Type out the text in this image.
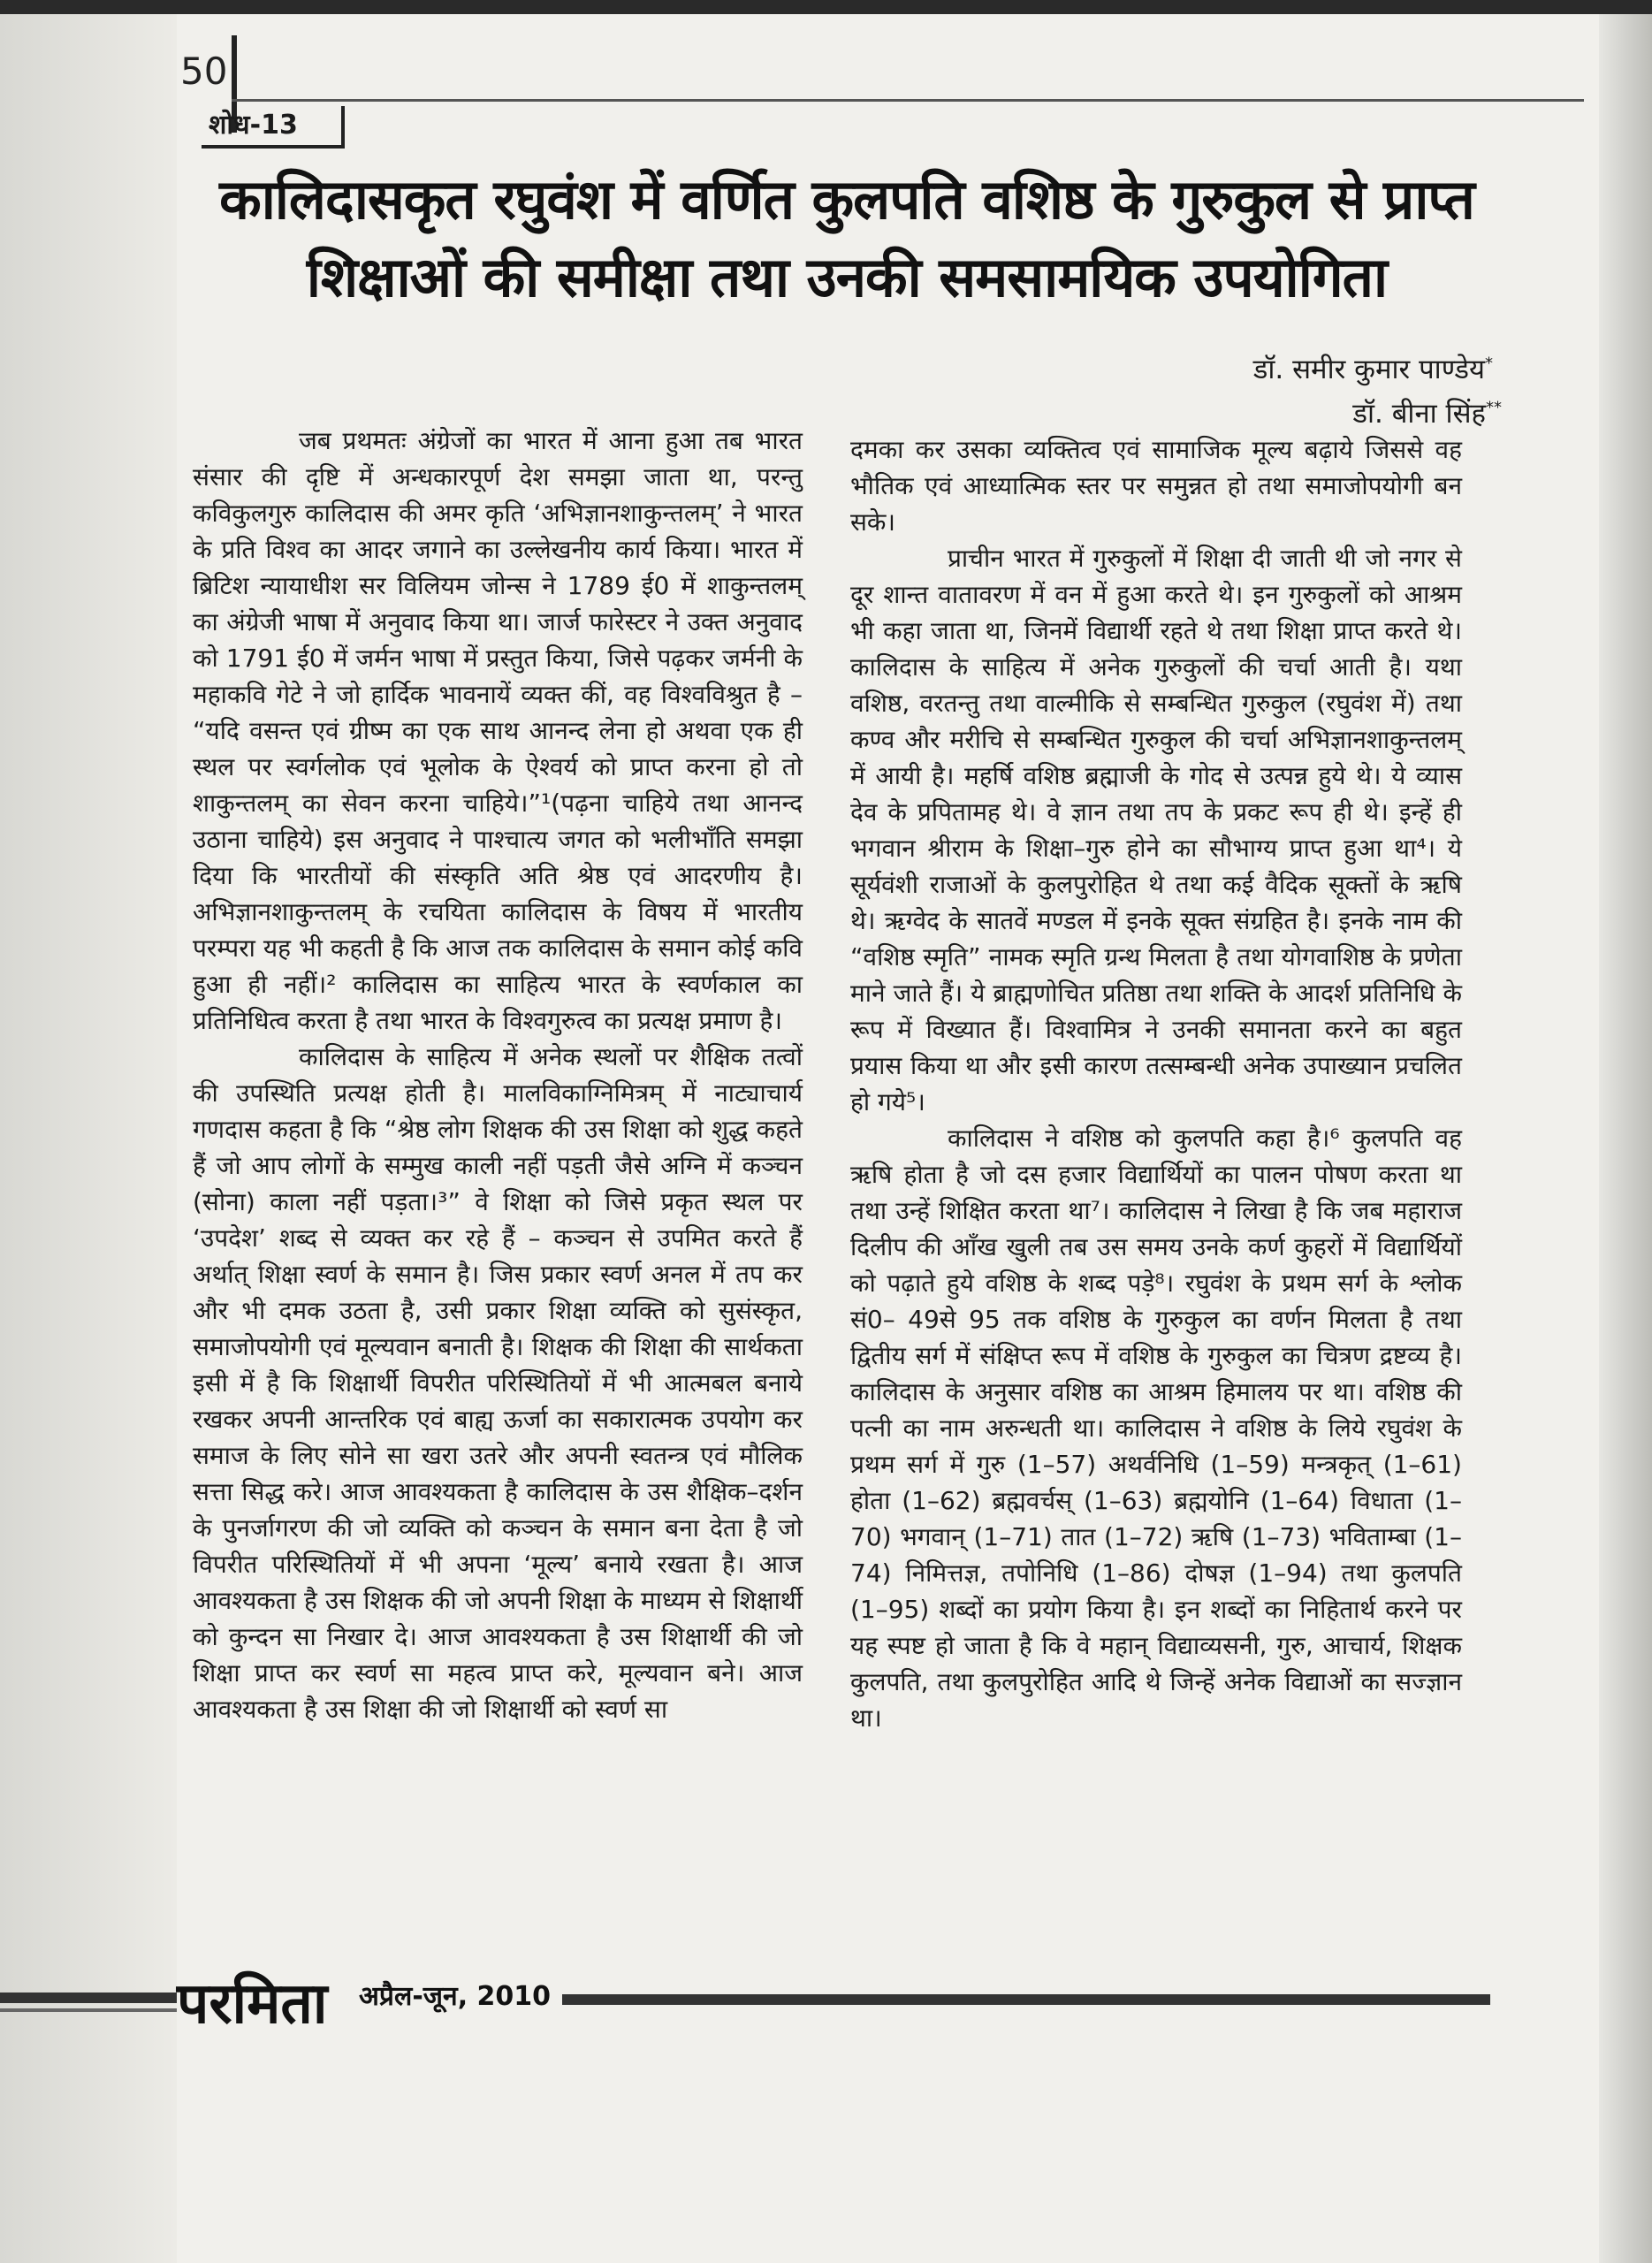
50
शोध-13
कालिदासकृत रघुवंश में वर्णित कुलपति वशिष्ठ के गुरुकुल से प्राप्त शिक्षाओं की समीक्षा तथा उनकी समसामयिक उपयोगिता
डॉ. समीर कुमार पाण्डेय*
डॉ. बीना सिंह**

जब प्रथमतः अंग्रेजों का भारत में आना हुआ तब भारत संसार की दृष्टि में अन्धकारपूर्ण देश समझा जाता था, परन्तु कविकुलगुरु कालिदास की अमर कृति ‘अभिज्ञानशाकुन्तलम्’ ने भारत के प्रति विश्व का आदर जगाने का उल्लेखनीय कार्य किया। भारत में ब्रिटिश न्यायाधीश सर विलियम जोन्स ने 1789 ई0 में शाकुन्तलम् का अंग्रेजी भाषा में अनुवाद किया था। जार्ज फारेस्टर ने उक्त अनुवाद को 1791 ई0 में जर्मन भाषा में प्रस्तुत किया, जिसे पढ़कर जर्मनी के महाकवि गेटे ने जो हार्दिक भावनायें व्यक्त कीं, वह विश्वविश्रुत है – “यदि वसन्त एवं ग्रीष्म का एक साथ आनन्द लेना हो अथवा एक ही स्थल पर स्वर्गलोक एवं भूलोक के ऐश्वर्य को प्राप्त करना हो तो शाकुन्तलम् का सेवन करना चाहिये।”¹(पढ़ना चाहिये तथा आनन्द उठाना चाहिये) इस अनुवाद ने पाश्चात्य जगत को भलीभाँति समझा दिया कि भारतीयों की संस्कृति अति श्रेष्ठ एवं आदरणीय है। अभिज्ञानशाकुन्तलम् के रचयिता कालिदास के विषय में भारतीय परम्परा यह भी कहती है कि आज तक कालिदास के समान कोई कवि हुआ ही नहीं।² कालिदास का साहित्य भारत के स्वर्णकाल का प्रतिनिधित्व करता है तथा भारत के विश्वगुरुत्व का प्रत्यक्ष प्रमाण है।

कालिदास के साहित्य में अनेक स्थलों पर शैक्षिक तत्वों की उपस्थिति प्रत्यक्ष होती है। मालविकाग्निमित्रम् में नाट्याचार्य गणदास कहता है कि “श्रेष्ठ लोग शिक्षक की उस शिक्षा को शुद्ध कहते हैं जो आप लोगों के सम्मुख काली नहीं पड़ती जैसे अग्नि में कञ्चन (सोना) काला नहीं पड़ता।³” वे शिक्षा को जिसे प्रकृत स्थल पर ‘उपदेश’ शब्द से व्यक्त कर रहे हैं – कञ्चन से उपमित करते हैं अर्थात् शिक्षा स्वर्ण के समान है। जिस प्रकार स्वर्ण अनल में तप कर और भी दमक उठता है, उसी प्रकार शिक्षा व्यक्ति को सुसंस्कृत, समाजोपयोगी एवं मूल्यवान बनाती है। शिक्षक की शिक्षा की सार्थकता इसी में है कि शिक्षार्थी विपरीत परिस्थितियों में भी आत्मबल बनाये रखकर अपनी आन्तरिक एवं बाह्य ऊर्जा का सकारात्मक उपयोग कर समाज के लिए सोने सा खरा उतरे और अपनी स्वतन्त्र एवं मौलिक सत्ता सिद्ध करे। आज आवश्यकता है कालिदास के उस शैक्षिक–दर्शन के पुनर्जागरण की जो व्यक्ति को कञ्चन के समान बना देता है जो विपरीत परिस्थितियों में भी अपना ‘मूल्य’ बनाये रखता है। आज आवश्यकता है उस शिक्षक की जो अपनी शिक्षा के माध्यम से शिक्षार्थी को कुन्दन सा निखार दे। आज आवश्यकता है उस शिक्षार्थी की जो शिक्षा प्राप्त कर स्वर्ण सा महत्व प्राप्त करे, मूल्यवान बने। आज आवश्यकता है उस शिक्षा की जो शिक्षार्थी को स्वर्ण सा

दमका कर उसका व्यक्तित्व एवं सामाजिक मूल्य बढ़ाये जिससे वह भौतिक एवं आध्यात्मिक स्तर पर समुन्नत हो तथा समाजोपयोगी बन सके।

प्राचीन भारत में गुरुकुलों में शिक्षा दी जाती थी जो नगर से दूर शान्त वातावरण में वन में हुआ करते थे। इन गुरुकुलों को आश्रम भी कहा जाता था, जिनमें विद्यार्थी रहते थे तथा शिक्षा प्राप्त करते थे। कालिदास के साहित्य में अनेक गुरुकुलों की चर्चा आती है। यथा वशिष्ठ, वरतन्तु तथा वाल्मीकि से सम्बन्धित गुरुकुल (रघुवंश में) तथा कण्व और मरीचि से सम्बन्धित गुरुकुल की चर्चा अभिज्ञानशाकुन्तलम् में आयी है। महर्षि वशिष्ठ ब्रह्माजी के गोद से उत्पन्न हुये थे। ये व्यास देव के प्रपितामह थे। वे ज्ञान तथा तप के प्रकट रूप ही थे। इन्हें ही भगवान श्रीराम के शिक्षा–गुरु होने का सौभाग्य प्राप्त हुआ था⁴। ये सूर्यवंशी राजाओं के कुलपुरोहित थे तथा कई वैदिक सूक्तों के ऋषि थे। ऋग्वेद के सातवें मण्डल में इनके सूक्त संग्रहित है। इनके नाम की “वशिष्ठ स्मृति” नामक स्मृति ग्रन्थ मिलता है तथा योगवाशिष्ठ के प्रणेता माने जाते हैं। ये ब्राह्मणोचित प्रतिष्ठा तथा शक्ति के आदर्श प्रतिनिधि के रूप में विख्यात हैं। विश्वामित्र ने उनकी समानता करने का बहुत प्रयास किया था और इसी कारण तत्सम्बन्धी अनेक उपाख्यान प्रचलित हो गये⁵।

कालिदास ने वशिष्ठ को कुलपति कहा है।⁶ कुलपति वह ऋषि होता है जो दस हजार विद्यार्थियों का पालन पोषण करता था तथा उन्हें शिक्षित करता था⁷। कालिदास ने लिखा है कि जब महाराज दिलीप की आँख खुली तब उस समय उनके कर्ण कुहरों में विद्यार्थियों को पढ़ाते हुये वशिष्ठ के शब्द पड़े⁸। रघुवंश के प्रथम सर्ग के श्लोक सं0– 49से 95 तक वशिष्ठ के गुरुकुल का वर्णन मिलता है तथा द्वितीय सर्ग में संक्षिप्त रूप में वशिष्ठ के गुरुकुल का चित्रण द्रष्टव्य है। कालिदास के अनुसार वशिष्ठ का आश्रम हिमालय पर था। वशिष्ठ की पत्नी का नाम अरुन्धती था। कालिदास ने वशिष्ठ के लिये रघुवंश के प्रथम सर्ग में गुरु (1–57) अथर्वनिधि (1–59) मन्त्रकृत् (1–61) होता (1–62) ब्रह्मवर्चस् (1–63) ब्रह्मयोनि (1–64) विधाता (1–70) भगवान् (1–71) तात (1–72) ऋषि (1–73) भविताम्बा (1–74) निमित्तज्ञ, तपोनिधि (1–86) दोषज्ञ (1–94) तथा कुलपति (1–95) शब्दों का प्रयोग किया है। इन शब्दों का निहितार्थ करने पर यह स्पष्ट हो जाता है कि वे महान् विद्याव्यसनी, गुरु, आचार्य, शिक्षक कुलपति, तथा कुलपुरोहित आदि थे जिन्हें अनेक विद्याओं का सज्ज्ञान था।

परमिता अप्रैल-जून, 2010
